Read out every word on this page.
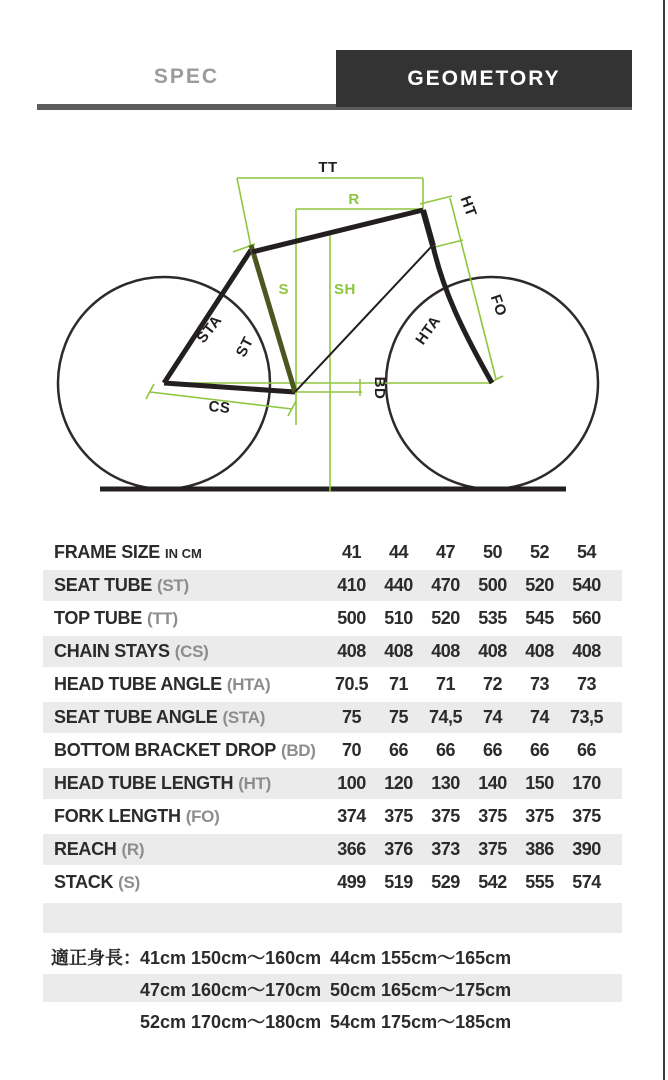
SPEC	GEOMETORY
TT
R	HT
S	SH
STA
ST	HTA
FO
BD
CS
FRAME SIZE IN CM	41	44	47	50	52	54
SEAT TUBE (ST)	410	440	470	500	520	540
TOP TUBE (TT)	500	510	520	535	545	560
CHAIN STAYS (CS)	408	408	408	408	408	408
HEAD TUBE ANGLE (HTA)	70.5	71	71	72	73	73
SEAT TUBE ANGLE (STA)	75	75	74,5	74	74	73,5
BOTTOM BRACKET DROP (BD)	70	66	66	66	66	66
HEAD TUBE LENGTH (HT)	100	120	130	140	150	170
FORK LENGTH (FO)	374	375	375	375	375	375
REACH (R)	366	376	373	375	386	390
STACK (S)	499	519	529	542	555	574
適正身長： 41cm 150cm〜160cm 44cm 155cm〜165cm
47cm 160cm〜170cm 50cm 165cm〜175cm
52cm 170cm〜180cm 54cm 175cm〜185cm
